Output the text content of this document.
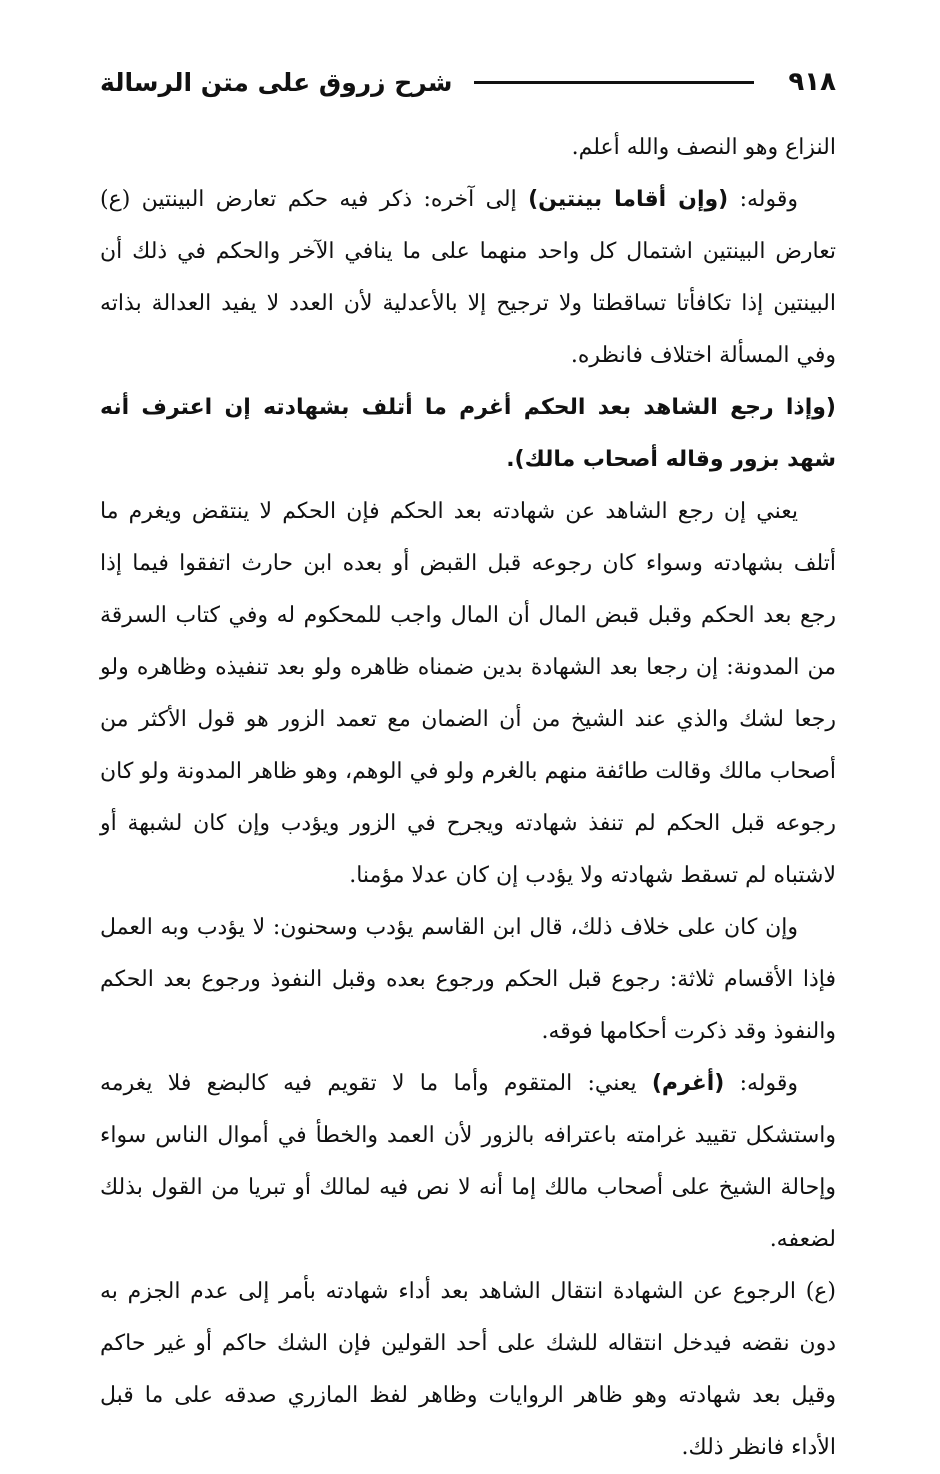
٩١٨
شرح زروق على متن الرسالة

النزاع وهو النصف والله أعلم.

وقوله: (وإن أقاما بينتين) إلى آخره: ذكر فيه حكم تعارض البينتين (ع) تعارض البينتين اشتمال كل واحد منهما على ما ينافي الآخر والحكم في ذلك أن البينتين إذا تكافأتا تساقطتا ولا ترجيح إلا بالأعدلية لأن العدد لا يفيد العدالة بذاته وفي المسألة اختلاف فانظره.

(وإذا رجع الشاهد بعد الحكم أغرم ما أتلف بشهادته إن اعترف أنه شهد بزور وقاله أصحاب مالك).

يعني إن رجع الشاهد عن شهادته بعد الحكم فإن الحكم لا ينتقض ويغرم ما أتلف بشهادته وسواء كان رجوعه قبل القبض أو بعده ابن حارث اتفقوا فيما إذا رجع بعد الحكم وقبل قبض المال أن المال واجب للمحكوم له وفي كتاب السرقة من المدونة: إن رجعا بعد الشهادة بدين ضمناه ظاهره ولو بعد تنفيذه وظاهره ولو رجعا لشك والذي عند الشيخ من أن الضمان مع تعمد الزور هو قول الأكثر من أصحاب مالك وقالت طائفة منهم بالغرم ولو في الوهم، وهو ظاهر المدونة ولو كان رجوعه قبل الحكم لم تنفذ شهادته ويجرح في الزور ويؤدب وإن كان لشبهة أو لاشتباه لم تسقط شهادته ولا يؤدب إن كان عدلا مؤمنا.

وإن كان على خلاف ذلك، قال ابن القاسم يؤدب وسحنون: لا يؤدب وبه العمل فإذا الأقسام ثلاثة: رجوع قبل الحكم ورجوع بعده وقبل النفوذ ورجوع بعد الحكم والنفوذ وقد ذكرت أحكامها فوقه.

وقوله: (أغرم) يعني: المتقوم وأما ما لا تقويم فيه كالبضع فلا يغرمه واستشكل تقييد غرامته باعترافه بالزور لأن العمد والخطأ في أموال الناس سواء وإحالة الشيخ على أصحاب مالك إما أنه لا نص فيه لمالك أو تبريا من القول بذلك لضعفه.

(ع) الرجوع عن الشهادة انتقال الشاهد بعد أداء شهادته بأمر إلى عدم الجزم به دون نقضه فيدخل انتقاله للشك على أحد القولين فإن الشك حاكم أو غير حاكم وقيل بعد شهادته وهو ظاهر الروايات وظاهر لفظ المازري صدقه على ما قبل الأداء فانظر ذلك.
